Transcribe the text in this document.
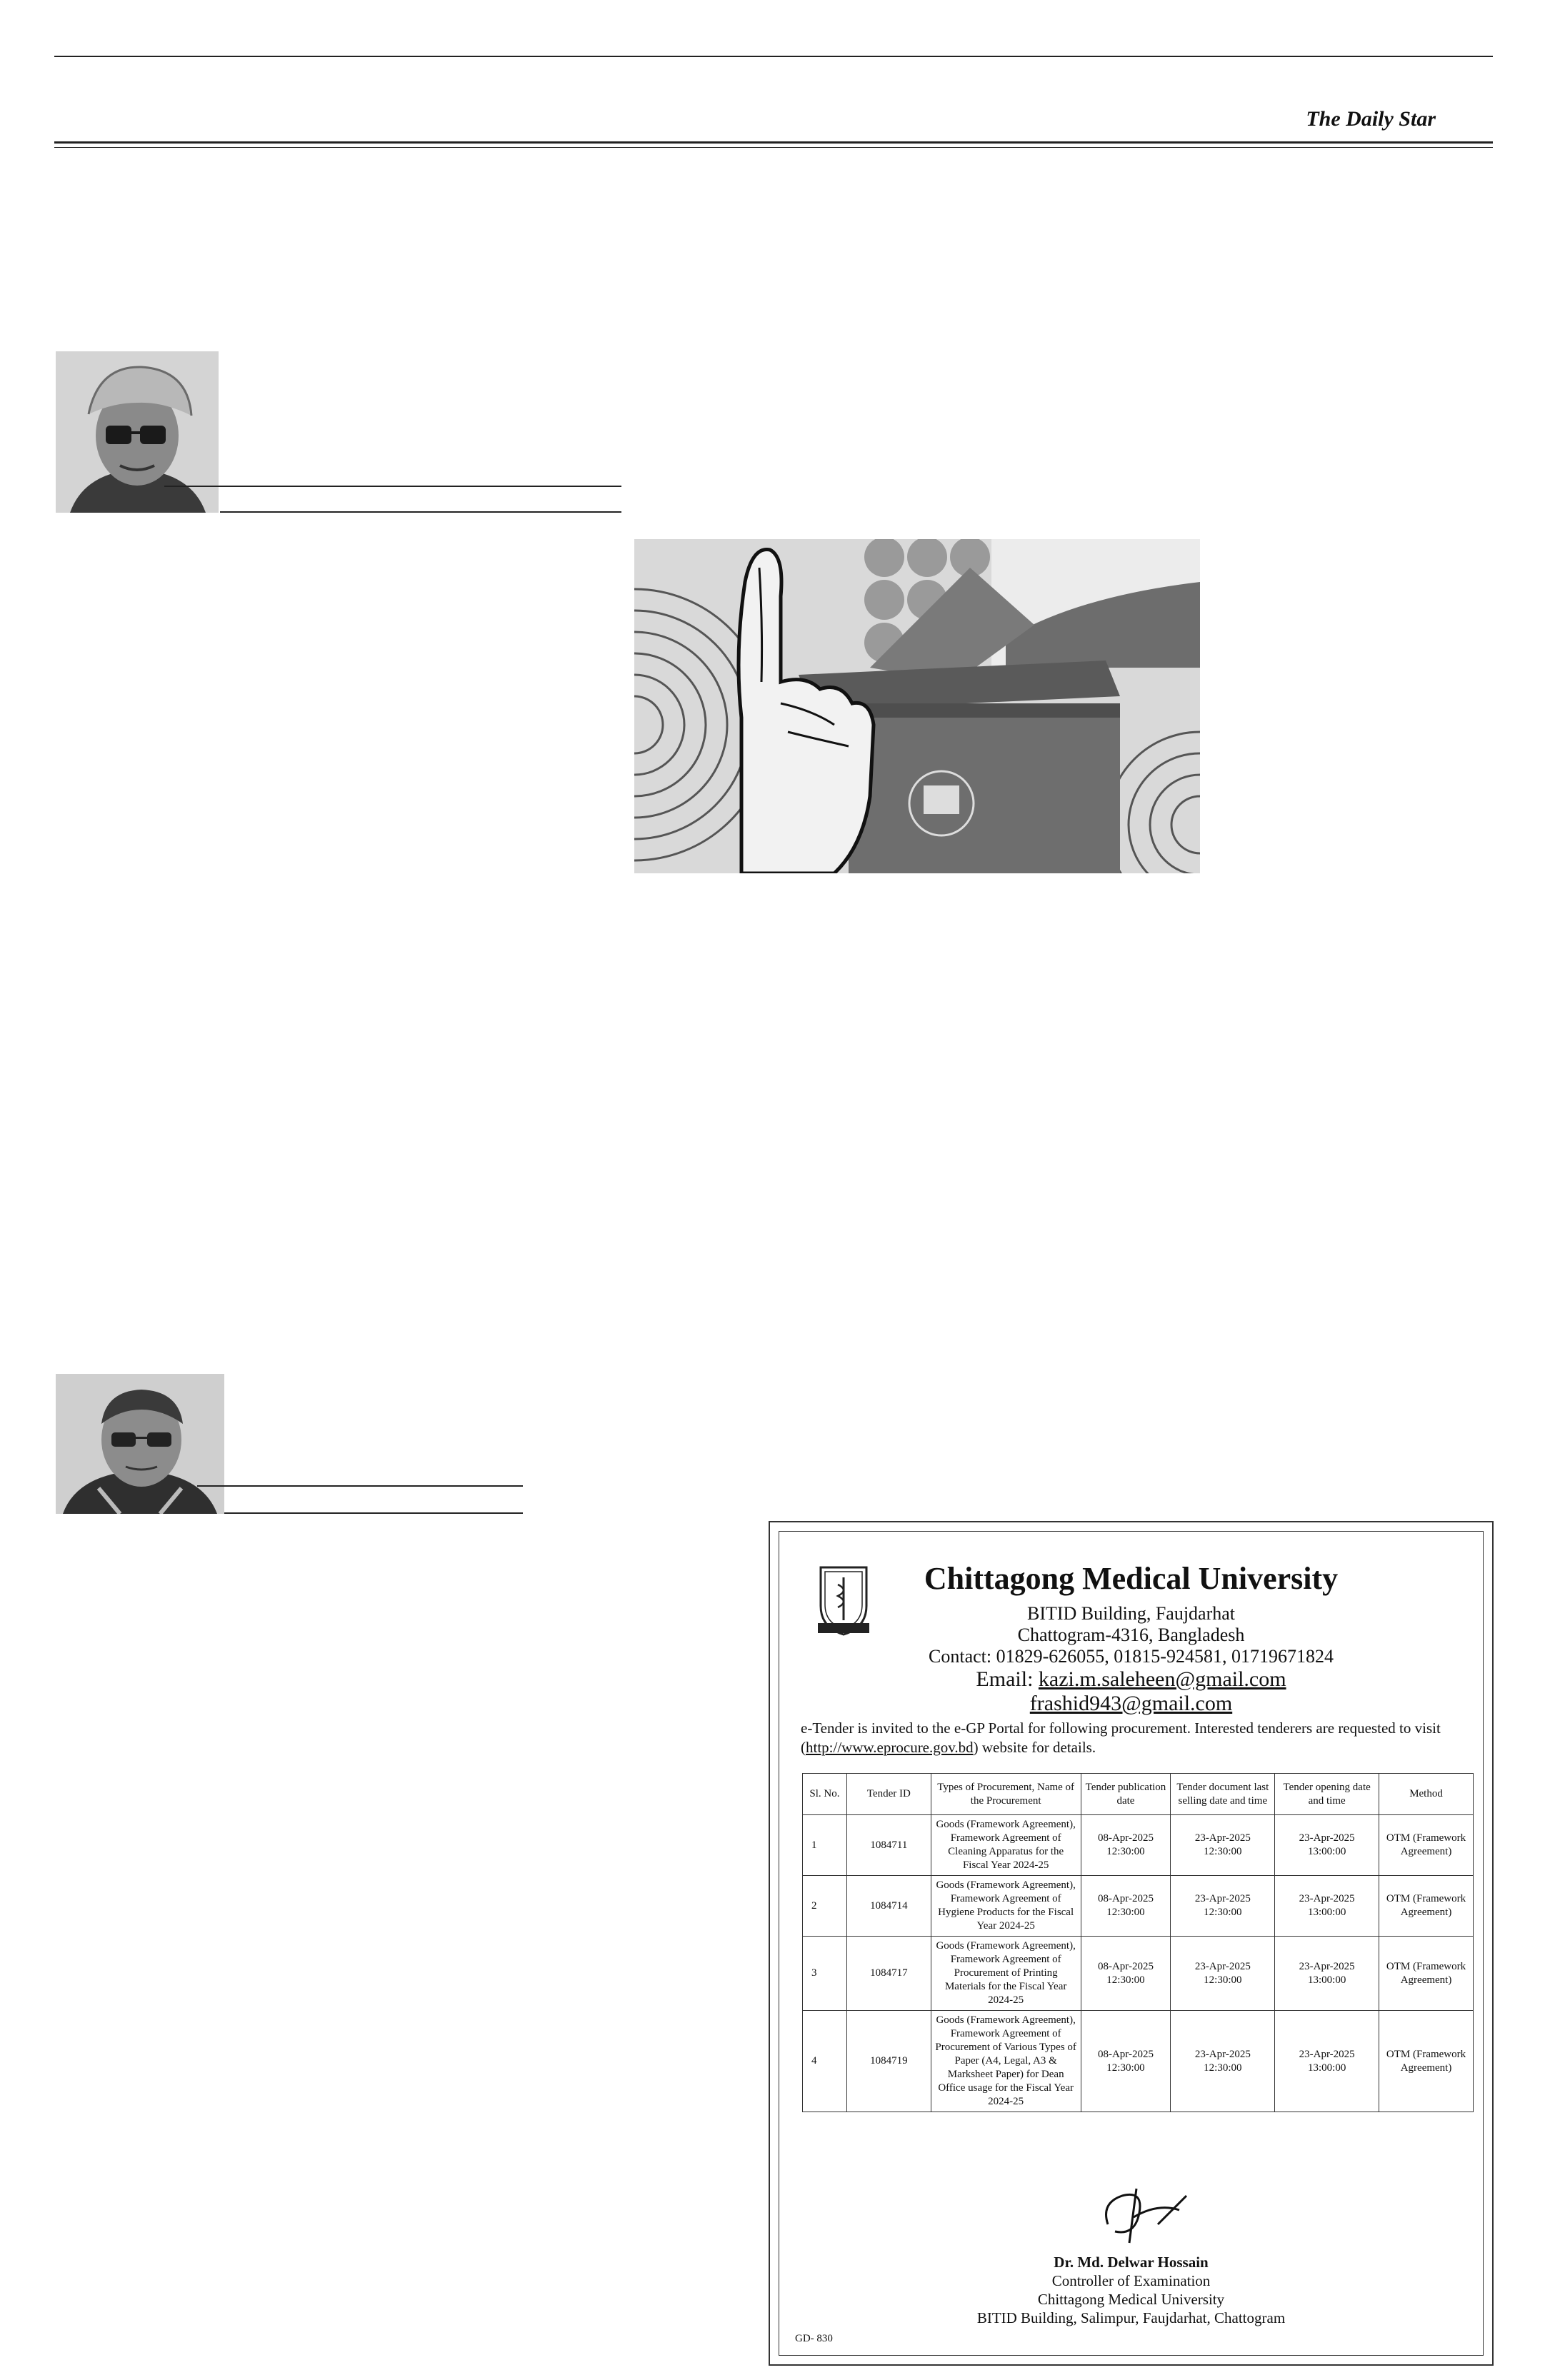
The Daily Star
Chittagong Medical University
BITID Building, Faujdarhat
Chattogram-4316, Bangladesh
Contact: 01829-626055, 01815-924581, 01719671824
Email: kazi.m.saleheen@gmail.com
frashid943@gmail.com
e-Tender is invited to the e-GP Portal for following procurement. Interested tenderers are requested to visit (http://www.eprocure.gov.bd) website for details.
Sl. No.	Tender ID	Types of Procurement, Name of the Procurement	Tender publication date	Tender document last selling date and time	Tender opening date and time	Method
1	1084711	Goods (Framework Agreement), Framework Agreement of Cleaning Apparatus for the Fiscal Year 2024-25	08-Apr-2025 12:30:00	23-Apr-2025 12:30:00	23-Apr-2025 13:00:00	OTM (Framework Agreement)
2	1084714	Goods (Framework Agreement), Framework Agreement of Hygiene Products for the Fiscal Year 2024-25	08-Apr-2025 12:30:00	23-Apr-2025 12:30:00	23-Apr-2025 13:00:00	OTM (Framework Agreement)
3	1084717	Goods (Framework Agreement), Framework Agreement of Procurement of Printing Materials for the Fiscal Year 2024-25	08-Apr-2025 12:30:00	23-Apr-2025 12:30:00	23-Apr-2025 13:00:00	OTM (Framework Agreement)
4	1084719	Goods (Framework Agreement), Framework Agreement of Procurement of Various Types of Paper (A4, Legal, A3 & Marksheet Paper) for Dean Office usage for the Fiscal Year 2024-25	08-Apr-2025 12:30:00	23-Apr-2025 12:30:00	23-Apr-2025 13:00:00	OTM (Framework Agreement)
Dr. Md. Delwar Hossain
Controller of Examination
Chittagong Medical University
BITID Building, Salimpur, Faujdarhat, Chattogram
GD- 830
